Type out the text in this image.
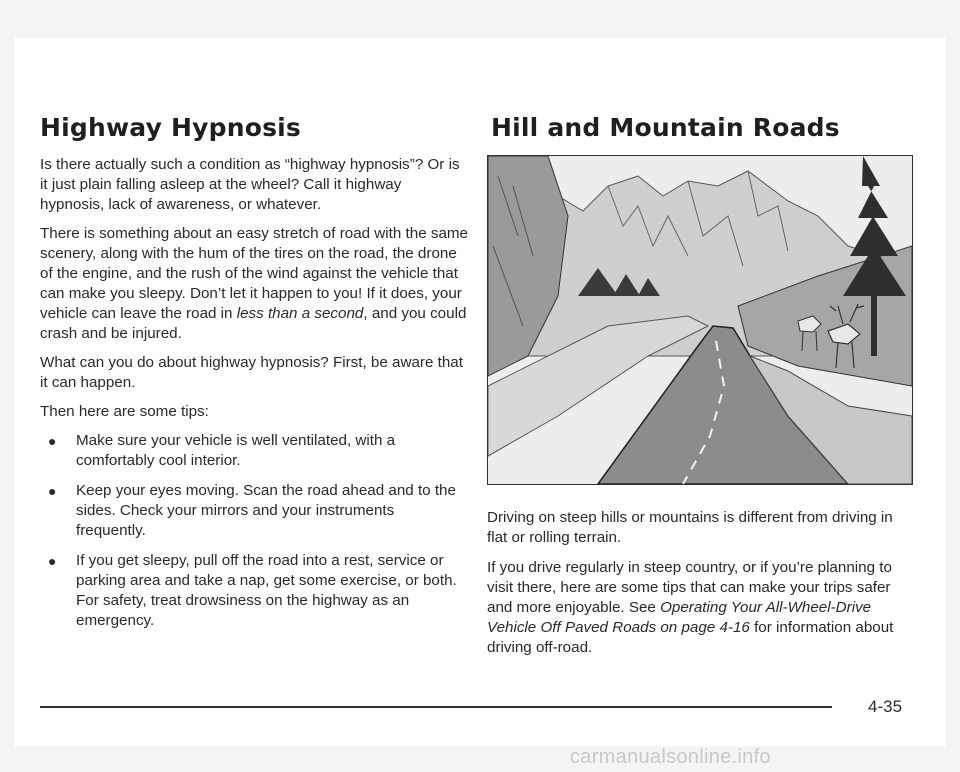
Highway Hypnosis	Hill and Mountain Roads

Is there actually such a condition as “highway hypnosis”? Or is it just plain falling asleep at the wheel? Call it highway hypnosis, lack of awareness, or whatever.

There is something about an easy stretch of road with the same scenery, along with the hum of the tires on the road, the drone of the engine, and the rush of the wind against the vehicle that can make you sleepy. Don’t let it happen to you! If it does, your vehicle can leave the road in less than a second, and you could crash and be injured.

What can you do about highway hypnosis? First, be aware that it can happen.

Then here are some tips:

● Make sure your vehicle is well ventilated, with a comfortably cool interior.
● Keep your eyes moving. Scan the road ahead and to the sides. Check your mirrors and your instruments frequently.
● If you get sleepy, pull off the road into a rest, service or parking area and take a nap, get some exercise, or both. For safety, treat drowsiness on the highway as an emergency.

Driving on steep hills or mountains is different from driving in flat or rolling terrain.

If you drive regularly in steep country, or if you’re planning to visit there, here are some tips that can make your trips safer and more enjoyable. See Operating Your All-Wheel-Drive Vehicle Off Paved Roads on page 4-16 for information about driving off-road.

4-35
carmanualsonline.info
